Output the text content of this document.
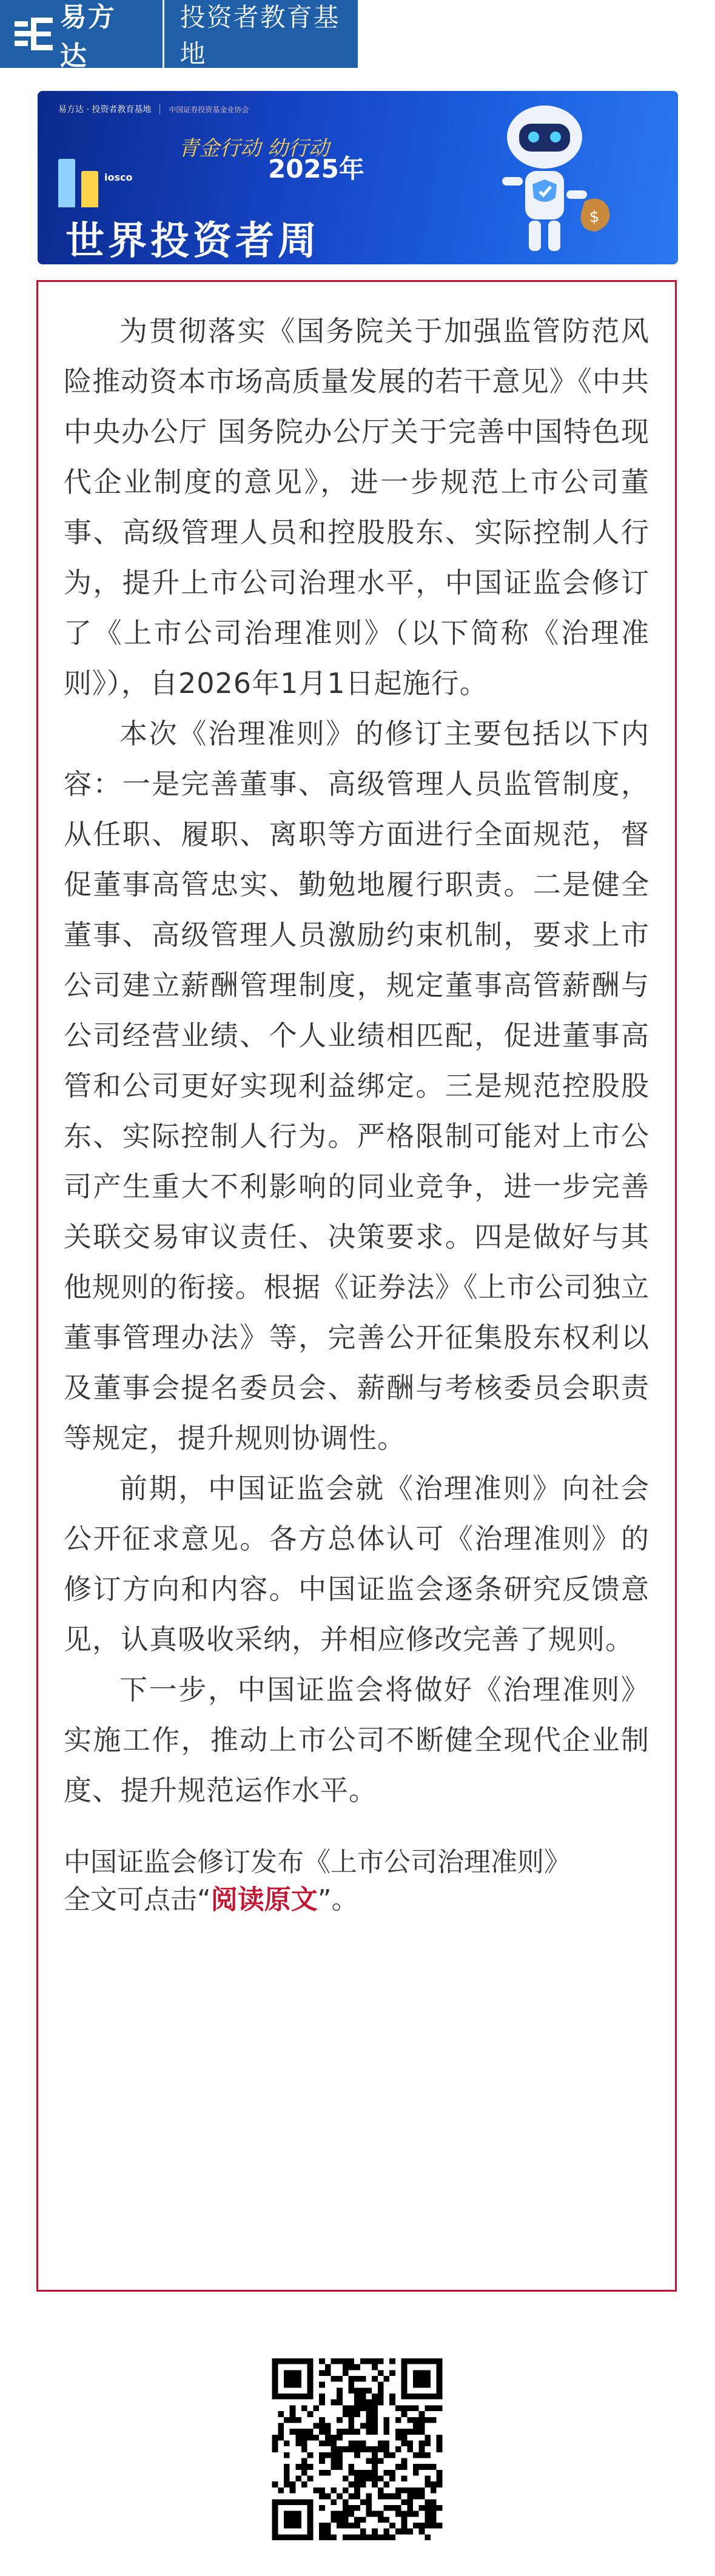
易方达
投资者教育基地
易方达 · 投资者教育基地 中国证券投资基金业协会
iosco
青金行动 幼行动
2025年
世界投资者周
$

为贯彻落实《国务院关于加强监管防范风险推动资本市场高质量发展的若干意见》《中共中央办公厅 国务院办公厅关于完善中国特色现代企业制度的意见》，进一步规范上市公司董事、高级管理人员和控股股东、实际控制人行为，提升上市公司治理水平，中国证监会修订了《上市公司治理准则》（以下简称《治理准则》），自2026年1月1日起施行。

本次《治理准则》的修订主要包括以下内容：一是完善董事、高级管理人员监管制度，从任职、履职、离职等方面进行全面规范，督促董事高管忠实、勤勉地履行职责。二是健全董事、高级管理人员激励约束机制，要求上市公司建立薪酬管理制度，规定董事高管薪酬与公司经营业绩、个人业绩相匹配，促进董事高管和公司更好实现利益绑定。三是规范控股股东、实际控制人行为。严格限制可能对上市公司产生重大不利影响的同业竞争，进一步完善关联交易审议责任、决策要求。四是做好与其他规则的衔接。根据《证券法》《上市公司独立董事管理办法》等，完善公开征集股东权利以及董事会提名委员会、薪酬与考核委员会职责等规定，提升规则协调性。

前期，中国证监会就《治理准则》向社会公开征求意见。各方总体认可《治理准则》的修订方向和内容。中国证监会逐条研究反馈意见，认真吸收采纳，并相应修改完善了规则。

下一步，中国证监会将做好《治理准则》实施工作，推动上市公司不断健全现代企业制度、提升规范运作水平。

中国证监会修订发布《上市公司治理准则》
全文可点击“阅读原文”。
